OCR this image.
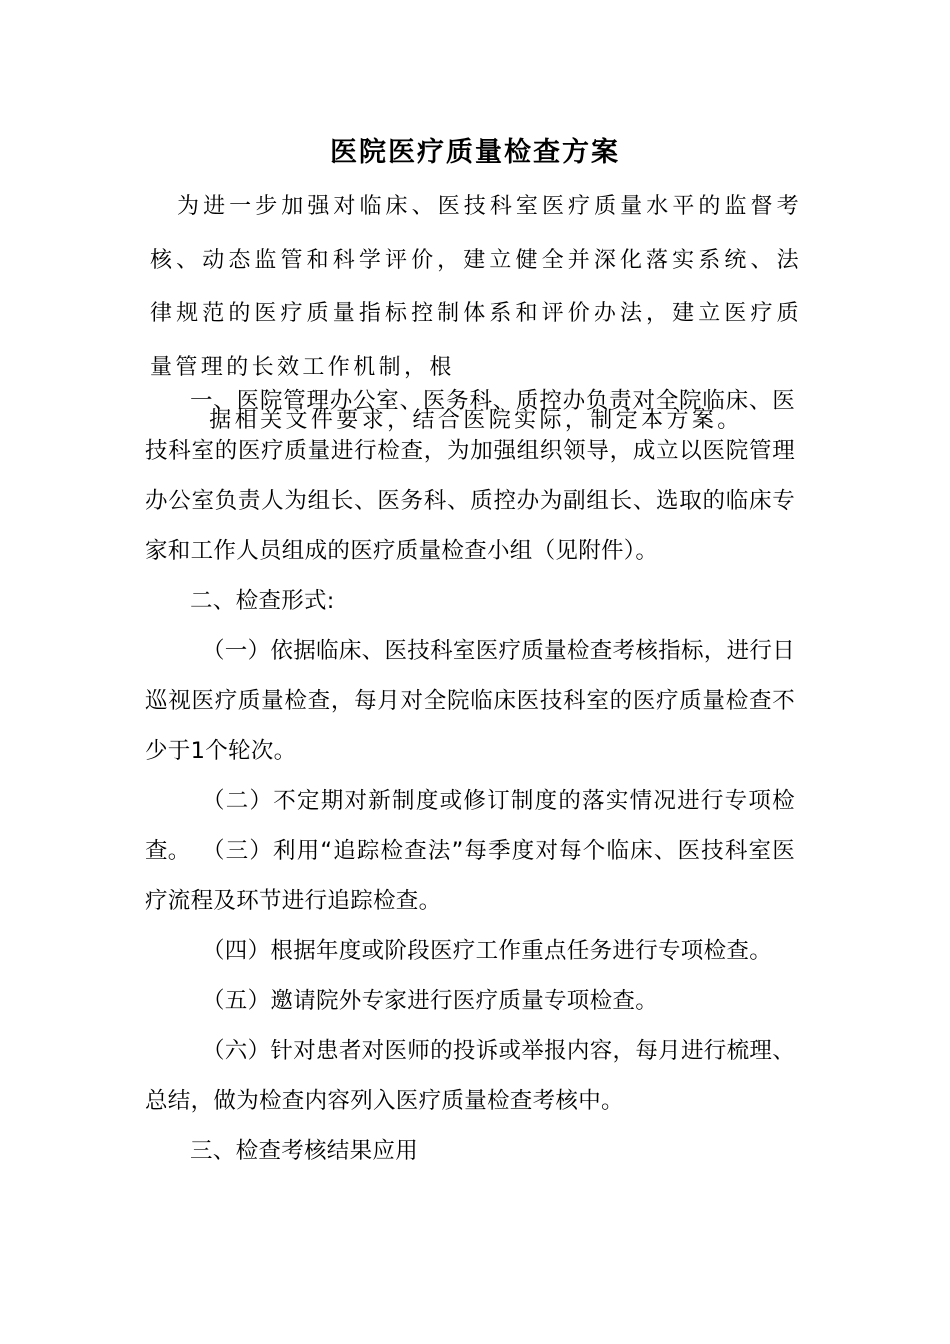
医院医疗质量检查方案
为进一步加强对临床、医技科室医疗质量水平的监督考核、动态监管和科学评价，建立健全并深化落实系统、法律规范的医疗质量指标控制体系和评价办法，建立医疗质量管理的长效工作机制，根
据相关文件要求，结合医院实际，制定本方案。
一、医院管理办公室、医务科、质控办负责对全院临床、医技科室的医疗质量进行检查，为加强组织领导，成立以医院管理办公室负责人为组长、医务科、质控办为副组长、选取的临床专家和工作人员组成的医疗质量检查小组（见附件）。
二、检查形式:
（一）依据临床、医技科室医疗质量检查考核指标，进行日巡视医疗质量检查，每月对全院临床医技科室的医疗质量检查不少于1个轮次。
（二）不定期对新制度或修订制度的落实情况进行专项检查。 （三）利用“追踪检查法”每季度对每个临床、医技科室医疗流程及环节进行追踪检查。
（四）根据年度或阶段医疗工作重点任务进行专项检查。
（五）邀请院外专家进行医疗质量专项检查。
（六）针对患者对医师的投诉或举报内容，每月进行梳理、总结，做为检查内容列入医疗质量检查考核中。
三、检查考核结果应用
